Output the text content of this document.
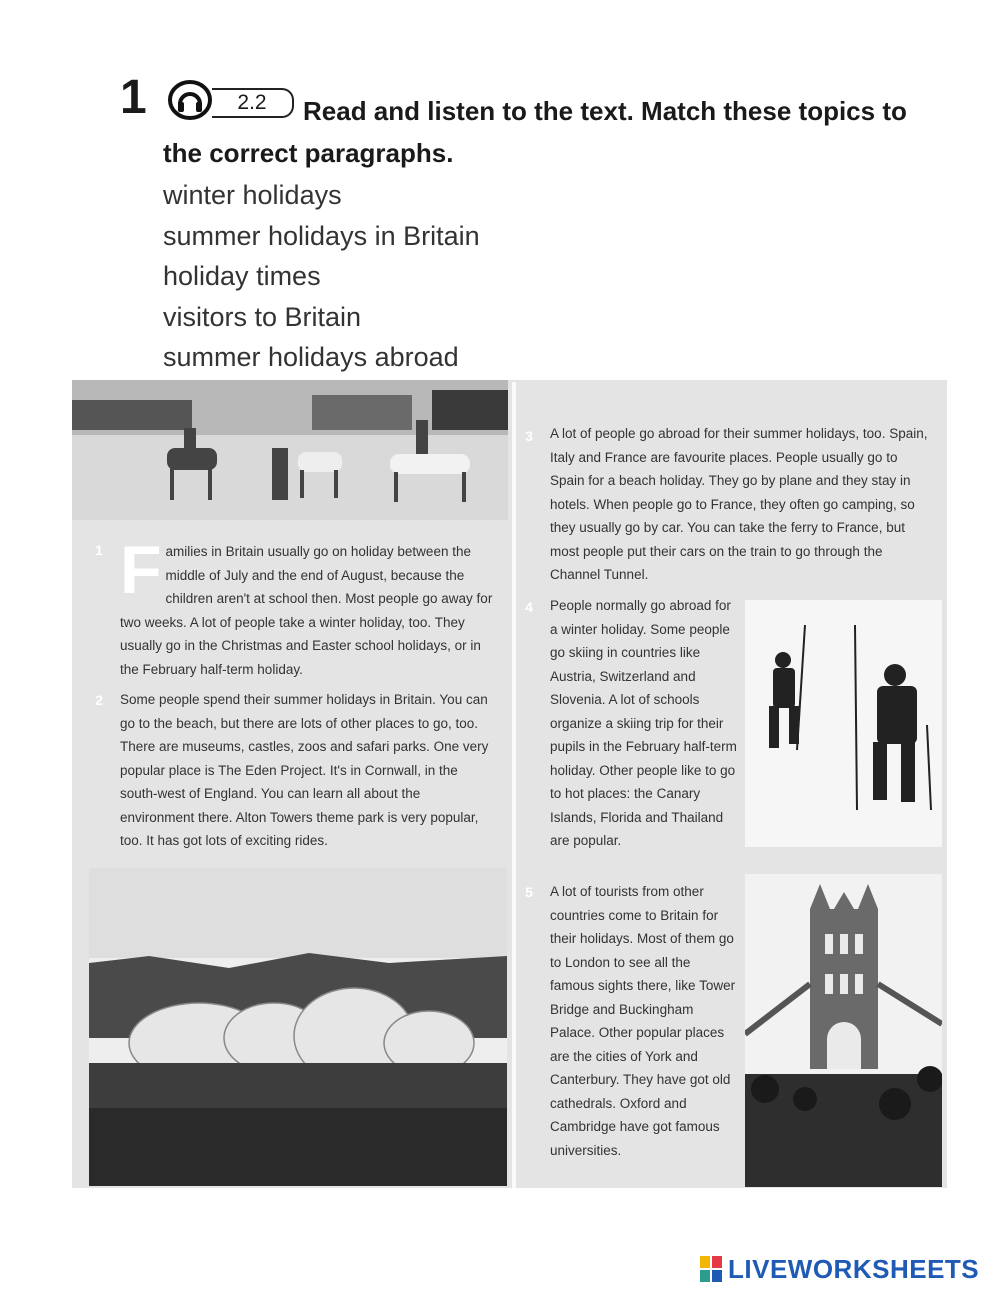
1	2.2	Read and listen to the text. Match these topics to the correct paragraphs.
winter holidays
summer holidays in Britain
holiday times
visitors to Britain
summer holidays abroad
1 Families in Britain usually go on holiday between the middle of July and the end of August, because the children aren't at school then. Most people go away for two weeks. A lot of people take a winter holiday, too. They usually go in the Christmas and Easter school holidays, or in the February half-term holiday.

2	Some people spend their summer holidays in Britain. You can go to the beach, but there are lots of other places to go, too. There are museums, castles, zoos and safari parks. One very popular place is The Eden Project. It's in Cornwall, in the south-west of England. You can learn all about the environment there. Alton Towers theme park is very popular, too. It has got lots of exciting rides.

3	A lot of people go abroad for their summer holidays, too. Spain, Italy and France are favourite places. People usually go to Spain for a beach holiday. They go by plane and they stay in hotels. When people go to France, they often go camping, so they usually go by car. You can take the ferry to France, but most people put their cars on the train to go through the Channel Tunnel.

4	People normally go abroad for a winter holiday. Some people go skiing in countries like Austria, Switzerland and Slovenia. A lot of schools organize a skiing trip for their pupils in the February half-term holiday. Other people like to go to hot places: the Canary Islands, Florida and Thailand are popular.

5	A lot of tourists from other countries come to Britain for their holidays. Most of them go to London to see all the famous sights there, like Tower Bridge and Buckingham Palace. Other popular places are the cities of York and Canterbury. They have got old cathedrals. Oxford and Cambridge have got famous universities.

LIVEWORKSHEETS
